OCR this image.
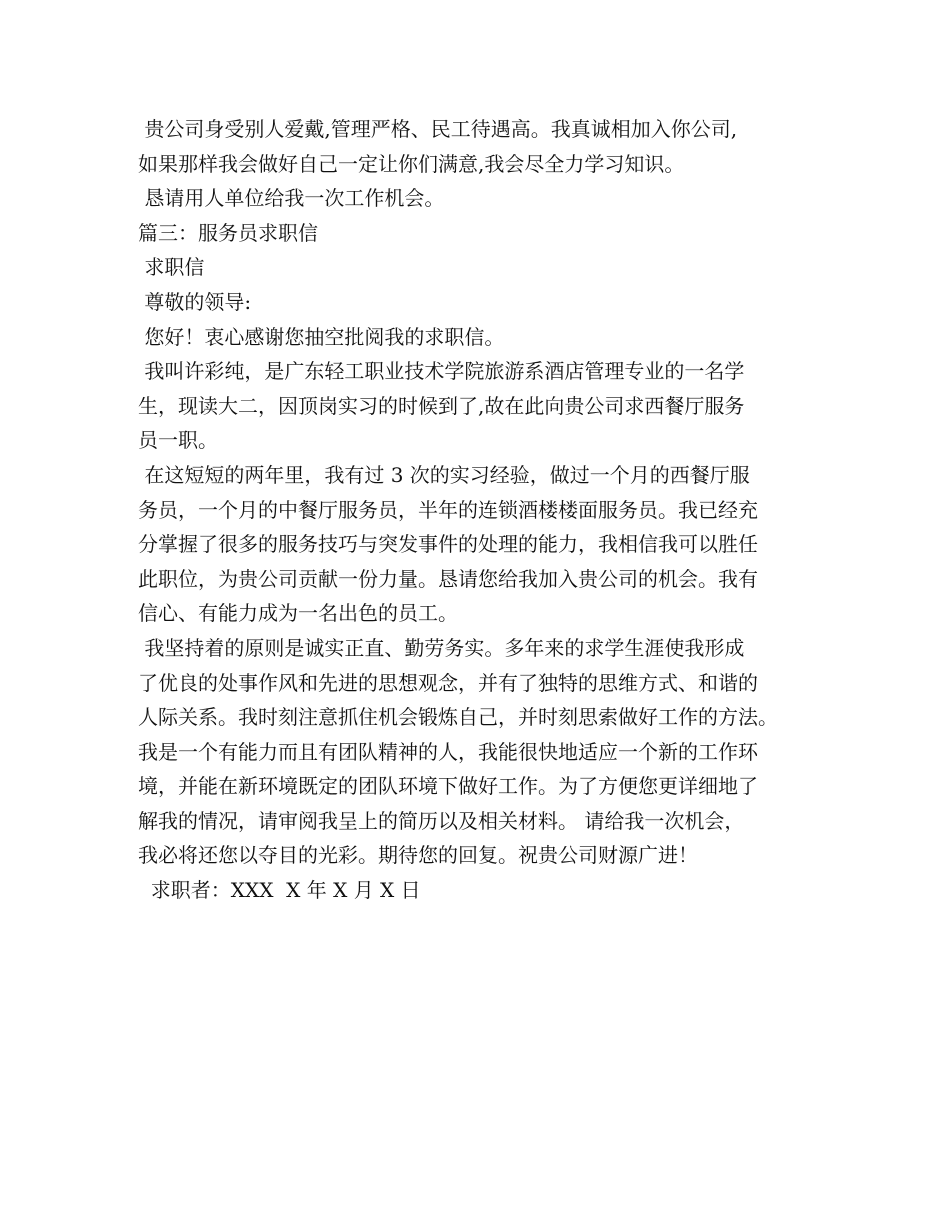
贵公司身受别人爱戴,管理严格、民工待遇高。我真诚相加入你公司,
如果那样我会做好自己一定让你们满意,我会尽全力学习知识。
恳请用人单位给我一次工作机会。
篇三：服务员求职信
求职信
尊敬的领导:
您好！衷心感谢您抽空批阅我的求职信。
我叫许彩纯，是广东轻工职业技术学院旅游系酒店管理专业的一名学
生，现读大二，因顶岗实习的时候到了,故在此向贵公司求西餐厅服务
员一职。
在这短短的两年里，我有过 3 次的实习经验，做过一个月的西餐厅服
务员，一个月的中餐厅服务员，半年的连锁酒楼楼面服务员。我已经充
分掌握了很多的服务技巧与突发事件的处理的能力，我相信我可以胜任
此职位，为贵公司贡献一份力量。恳请您给我加入贵公司的机会。我有
信心、有能力成为一名出色的员工。
我坚持着的原则是诚实正直、勤劳务实。多年来的求学生涯使我形成
了优良的处事作风和先进的思想观念，并有了独特的思维方式、和谐的
人际关系。我时刻注意抓住机会锻炼自己，并时刻思索做好工作的方法。
我是一个有能力而且有团队精神的人，我能很快地适应一个新的工作环
境，并能在新环境既定的团队环境下做好工作。为了方便您更详细地了
解我的情况，请审阅我呈上的简历以及相关材料。 请给我一次机会，
我必将还您以夺目的光彩。期待您的回复。祝贵公司财源广进！
求职者：XXX  X 年 X 月 X 日
